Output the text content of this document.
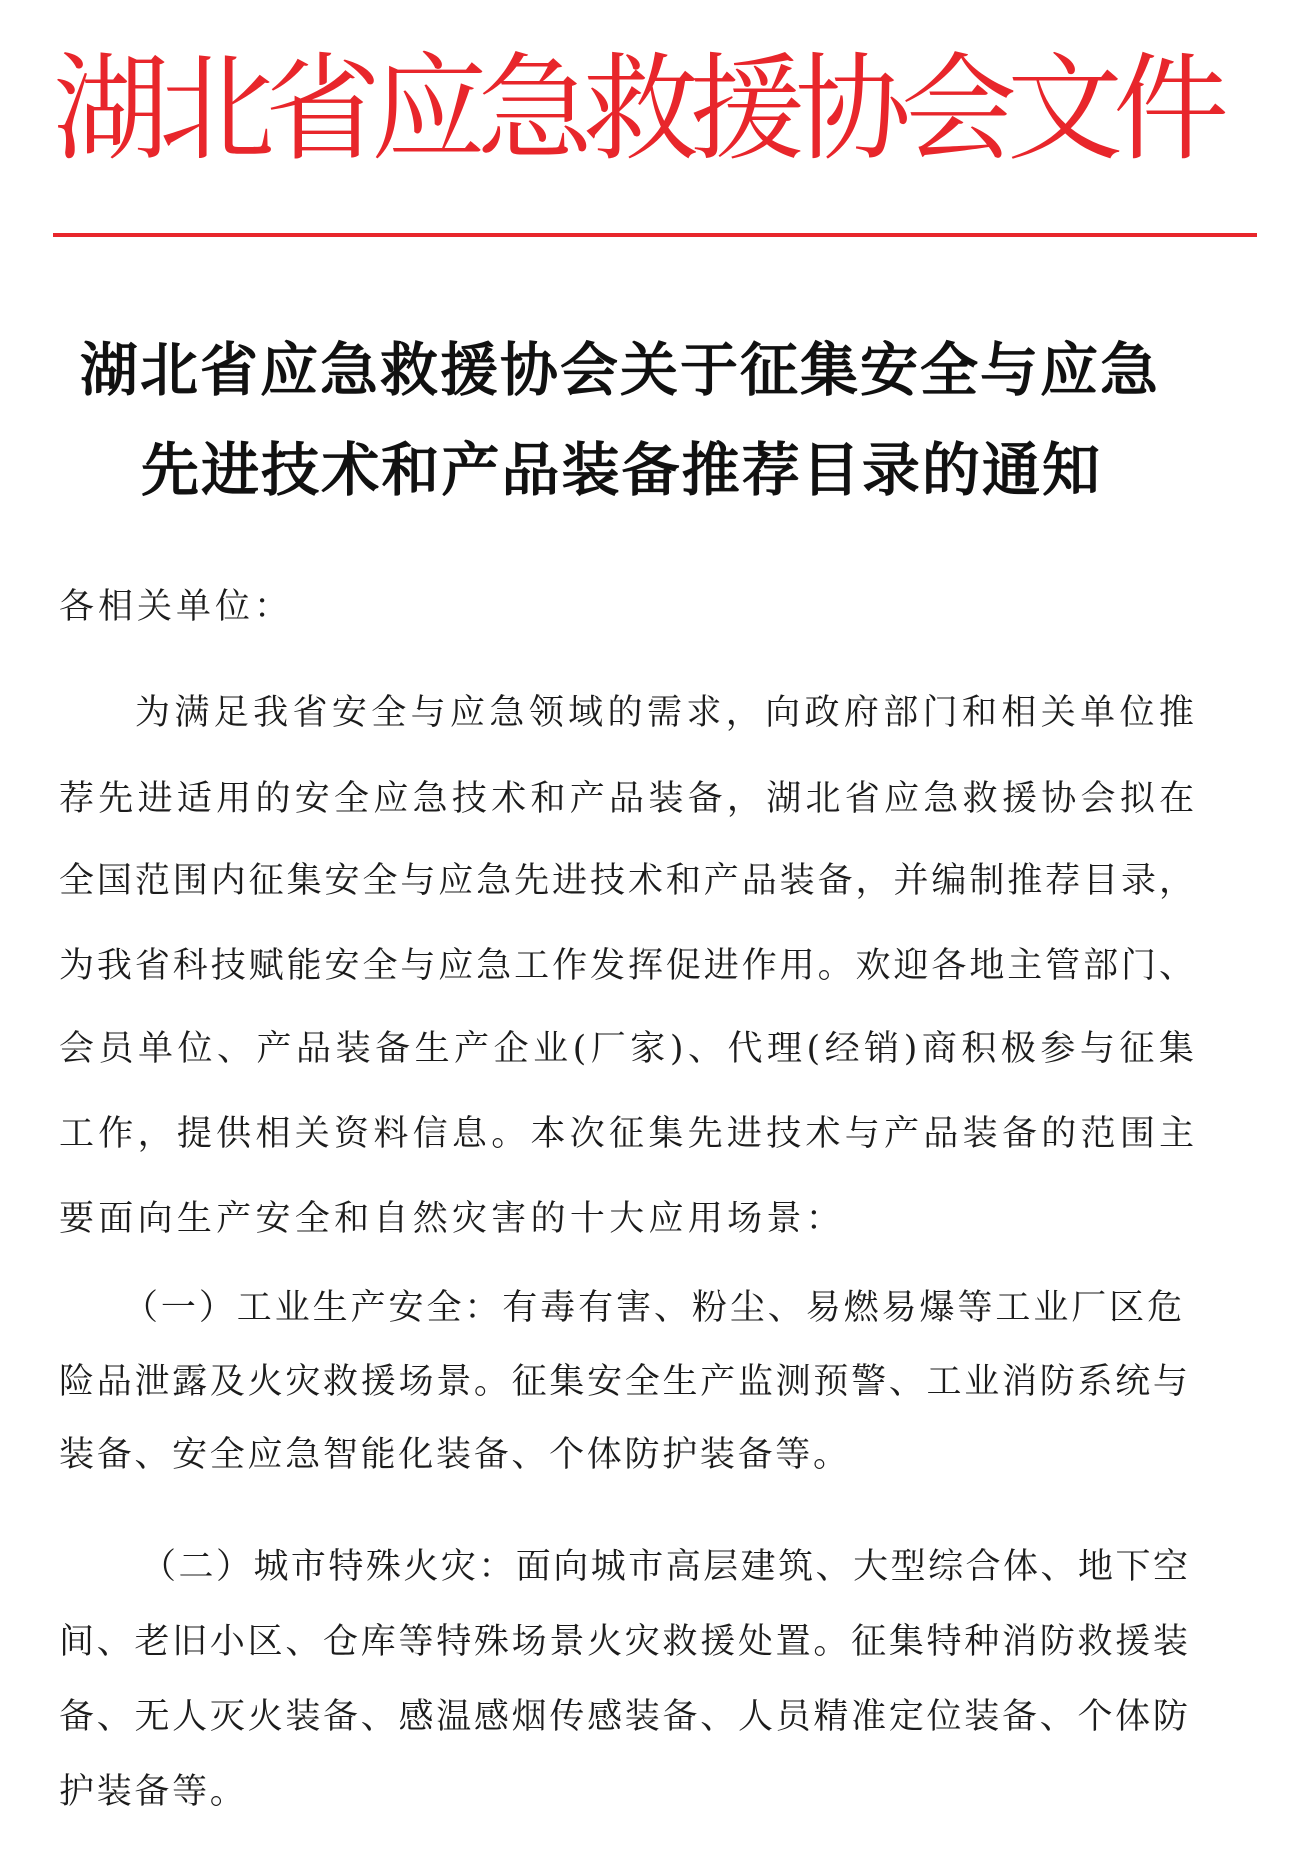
湖北省应急救援协会文件
湖北省应急救援协会关于征集安全与应急
先进技术和产品装备推荐目录的通知
各相关单位：
为满足我省安全与应急领域的需求，向政府部门和相关单位推
荐先进适用的安全应急技术和产品装备，湖北省应急救援协会拟在
全国范围内征集安全与应急先进技术和产品装备，并编制推荐目录，
为我省科技赋能安全与应急工作发挥促进作用。欢迎各地主管部门、
会员单位、产品装备生产企业(厂家)、代理(经销)商积极参与征集
工作，提供相关资料信息。本次征集先进技术与产品装备的范围主
要面向生产安全和自然灾害的十大应用场景：
（一）工业生产安全：有毒有害、粉尘、易燃易爆等工业厂区危
险品泄露及火灾救援场景。征集安全生产监测预警、工业消防系统与
装备、安全应急智能化装备、个体防护装备等。
（二）城市特殊火灾：面向城市高层建筑、大型综合体、地下空
间、老旧小区、仓库等特殊场景火灾救援处置。征集特种消防救援装
备、无人灭火装备、感温感烟传感装备、人员精准定位装备、个体防
护装备等。
